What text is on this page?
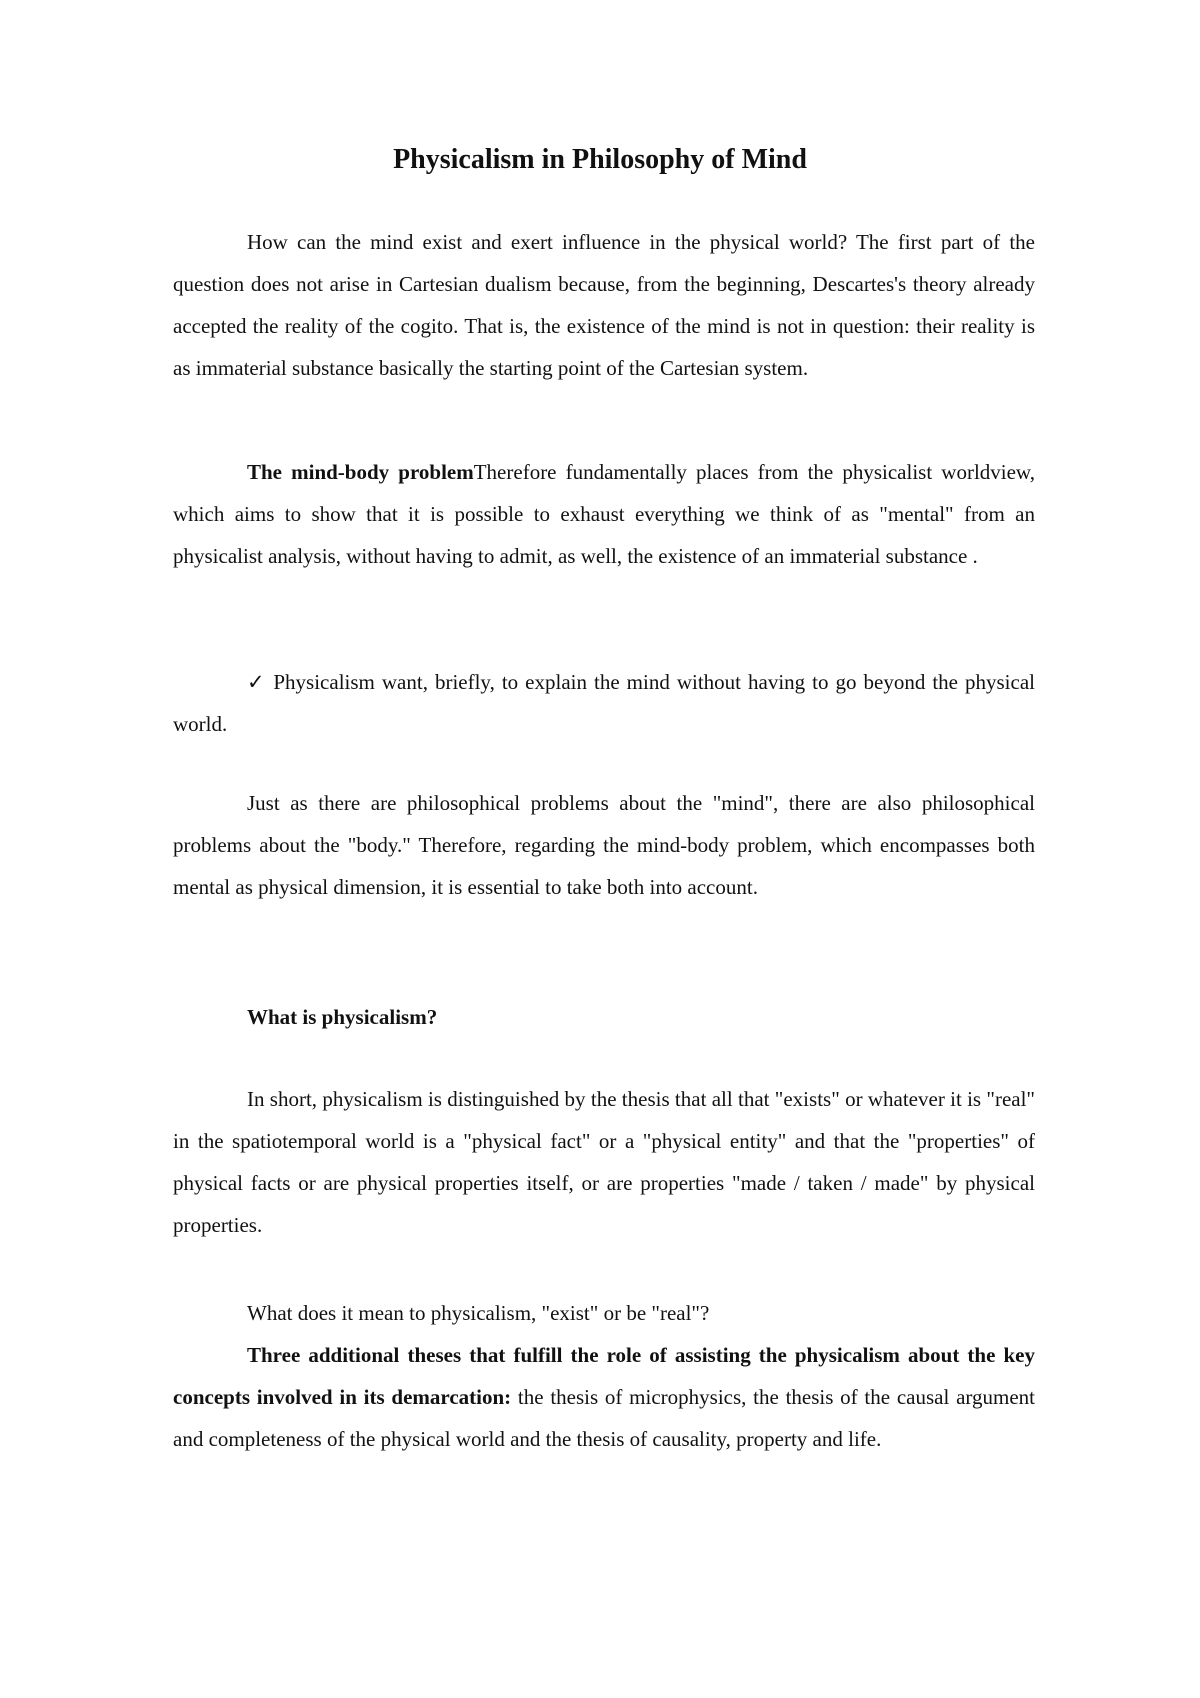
Physicalism in Philosophy of Mind

How can the mind exist and exert influence in the physical world? The first part of the question does not arise in Cartesian dualism because, from the beginning, Descartes's theory already accepted the reality of the cogito. That is, the existence of the mind is not in question: their reality is as immaterial substance basically the starting point of the Cartesian system.

The mind-body problemTherefore fundamentally places from the physicalist worldview, which aims to show that it is possible to exhaust everything we think of as "mental" from an physicalist analysis, without having to admit, as well, the existence of an immaterial substance .

✓ Physicalism want, briefly, to explain the mind without having to go beyond the physical world.

Just as there are philosophical problems about the "mind", there are also philosophical problems about the "body." Therefore, regarding the mind-body problem, which encompasses both mental as physical dimension, it is essential to take both into account.

What is physicalism?

In short, physicalism is distinguished by the thesis that all that "exists" or whatever it is "real" in the spatiotemporal world is a "physical fact" or a "physical entity" and that the "properties" of physical facts or are physical properties itself, or are properties "made / taken / made" by physical properties.

What does it mean to physicalism, "exist" or be "real"?

Three additional theses that fulfill the role of assisting the physicalism about the key concepts involved in its demarcation: the thesis of microphysics, the thesis of the causal argument and completeness of the physical world and the thesis of causality, property and life.
